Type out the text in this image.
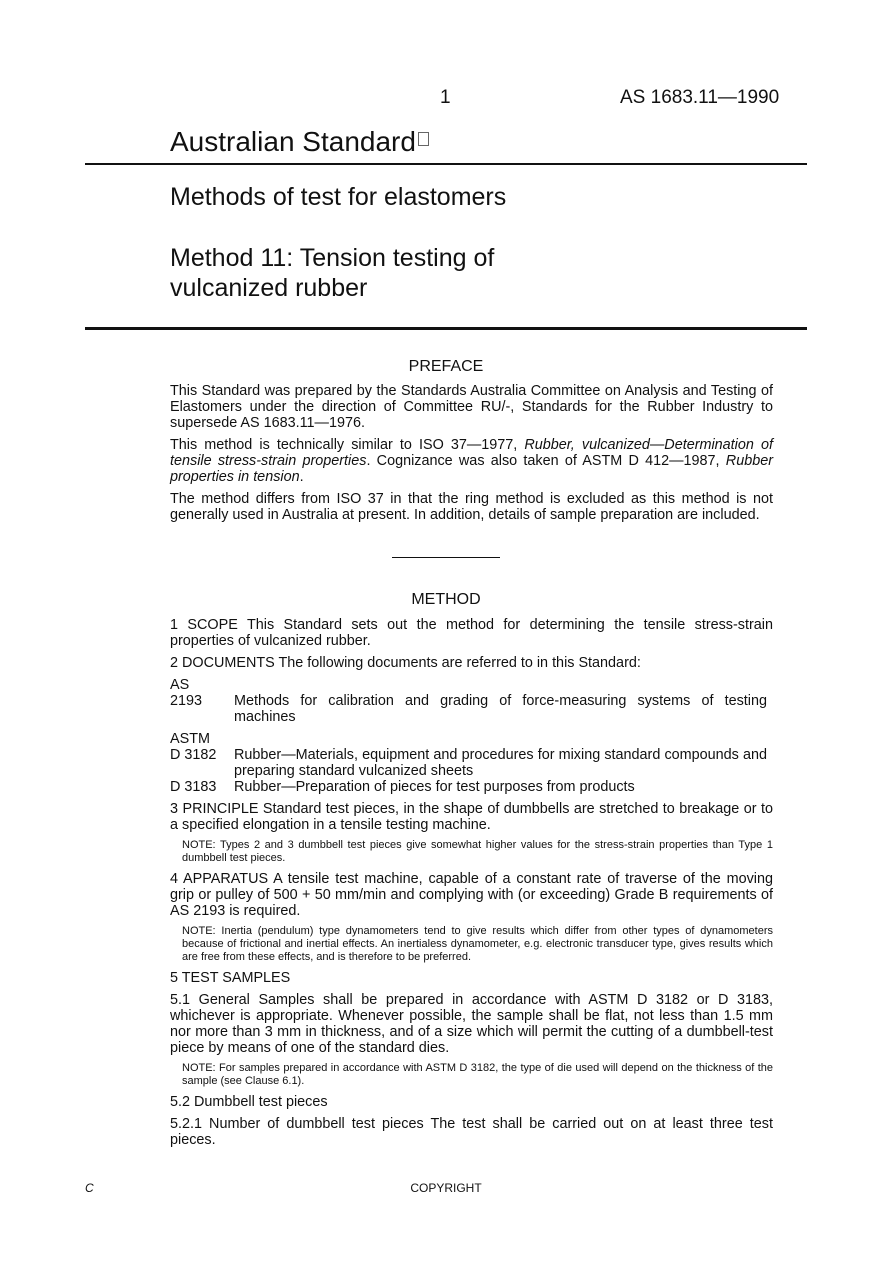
1	AS 1683.11—1990
Australian Standard
Methods of test for elastomers
Method 11: Tension testing of
vulcanized rubber
PREFACE

This Standard was prepared by the Standards Australia Committee on Analysis and Testing of Elastomers under the direction of Committee RU/-, Standards for the Rubber Industry to supersede AS 1683.11—1976.

This method is technically similar to ISO 37—1977, Rubber, vulcanized—Determination of tensile stress-strain properties. Cognizance was also taken of ASTM D 412—1987, Rubber properties in tension.

The method differs from ISO 37 in that the ring method is excluded as this method is not generally used in Australia at present. In addition, details of sample preparation are included.

METHOD

1 SCOPE This Standard sets out the method for determining the tensile stress-strain properties of vulcanized rubber.

2 DOCUMENTS The following documents are referred to in this Standard:

AS

2193 Methods for calibration and grading of force-measuring systems of testing machines

ASTM

D 3182 Rubber—Materials, equipment and procedures for mixing standard compounds and preparing standard vulcanized sheets

D 3183 Rubber—Preparation of pieces for test purposes from products

3 PRINCIPLE Standard test pieces, in the shape of dumbbells are stretched to breakage or to a specified elongation in a tensile testing machine.

NOTE: Types 2 and 3 dumbbell test pieces give somewhat higher values for the stress-strain properties than Type 1 dumbbell test pieces.

4 APPARATUS A tensile test machine, capable of a constant rate of traverse of the moving grip or pulley of 500 + 50 mm/min and complying with (or exceeding) Grade B requirements of AS 2193 is required.

NOTE: Inertia (pendulum) type dynamometers tend to give results which differ from other types of dynamometers because of frictional and inertial effects. An inertialess dynamometer, e.g. electronic transducer type, gives results which are free from these effects, and is therefore to be preferred.

5 TEST SAMPLES

5.1 General Samples shall be prepared in accordance with ASTM D 3182 or D 3183, whichever is appropriate. Whenever possible, the sample shall be flat, not less than 1.5 mm nor more than 3 mm in thickness, and of a size which will permit the cutting of a dumbbell-test piece by means of one of the standard dies.

NOTE: For samples prepared in accordance with ASTM D 3182, the type of die used will depend on the thickness of the sample (see Clause 6.1).

5.2 Dumbbell test pieces

5.2.1 Number of dumbbell test pieces The test shall be carried out on at least three test pieces.

C	COPYRIGHT
